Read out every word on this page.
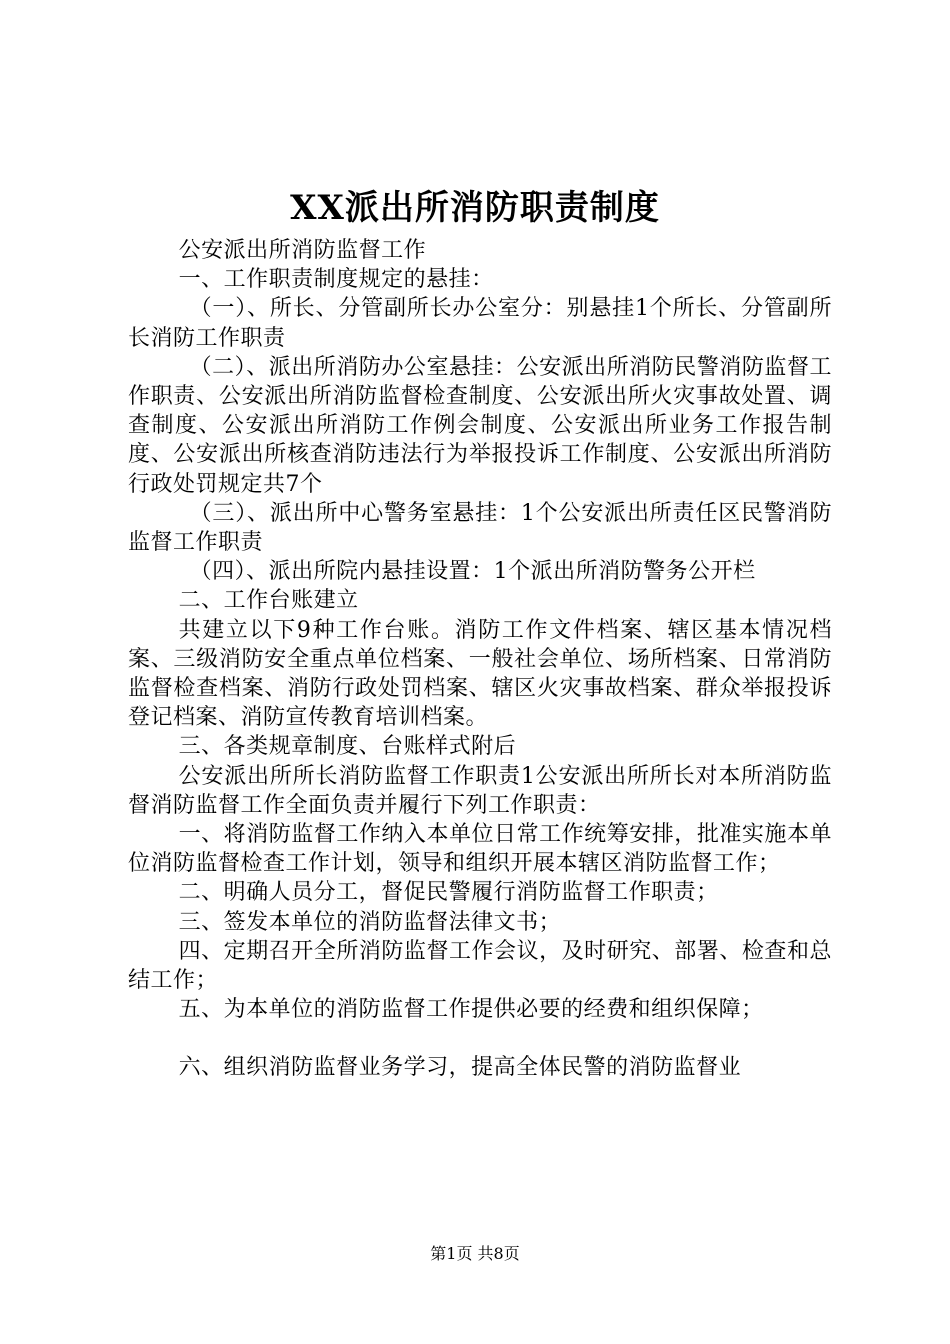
XX派出所消防职责制度

公安派出所消防监督工作

一、工作职责制度规定的悬挂：

（一）、所长、分管副所长办公室分：别悬挂1个所长、分管副所长消防工作职责

（二）、派出所消防办公室悬挂：公安派出所消防民警消防监督工作职责、公安派出所消防监督检查制度、公安派出所火灾事故处置、调查制度、公安派出所消防工作例会制度、公安派出所业务工作报告制度、公安派出所核查消防违法行为举报投诉工作制度、公安派出所消防行政处罚规定共7个

（三）、派出所中心警务室悬挂：1个公安派出所责任区民警消防监督工作职责

（四）、派出所院内悬挂设置：1个派出所消防警务公开栏

二、工作台账建立

共建立以下9种工作台账。消防工作文件档案、辖区基本情况档案、三级消防安全重点单位档案、一般社会单位、场所档案、日常消防监督检查档案、消防行政处罚档案、辖区火灾事故档案、群众举报投诉登记档案、消防宣传教育培训档案。

三、各类规章制度、台账样式附后

公安派出所所长消防监督工作职责1公安派出所所长对本所消防监督消防监督工作全面负责并履行下列工作职责：

一、将消防监督工作纳入本单位日常工作统筹安排，批准实施本单位消防监督检查工作计划，领导和组织开展本辖区消防监督工作；

二、明确人员分工，督促民警履行消防监督工作职责；

三、签发本单位的消防监督法律文书；

四、定期召开全所消防监督工作会议，及时研究、部署、检查和总结工作；

五、为本单位的消防监督工作提供必要的经费和组织保障；

六、组织消防监督业务学习，提高全体民警的消防监督业

第1页 共8页
